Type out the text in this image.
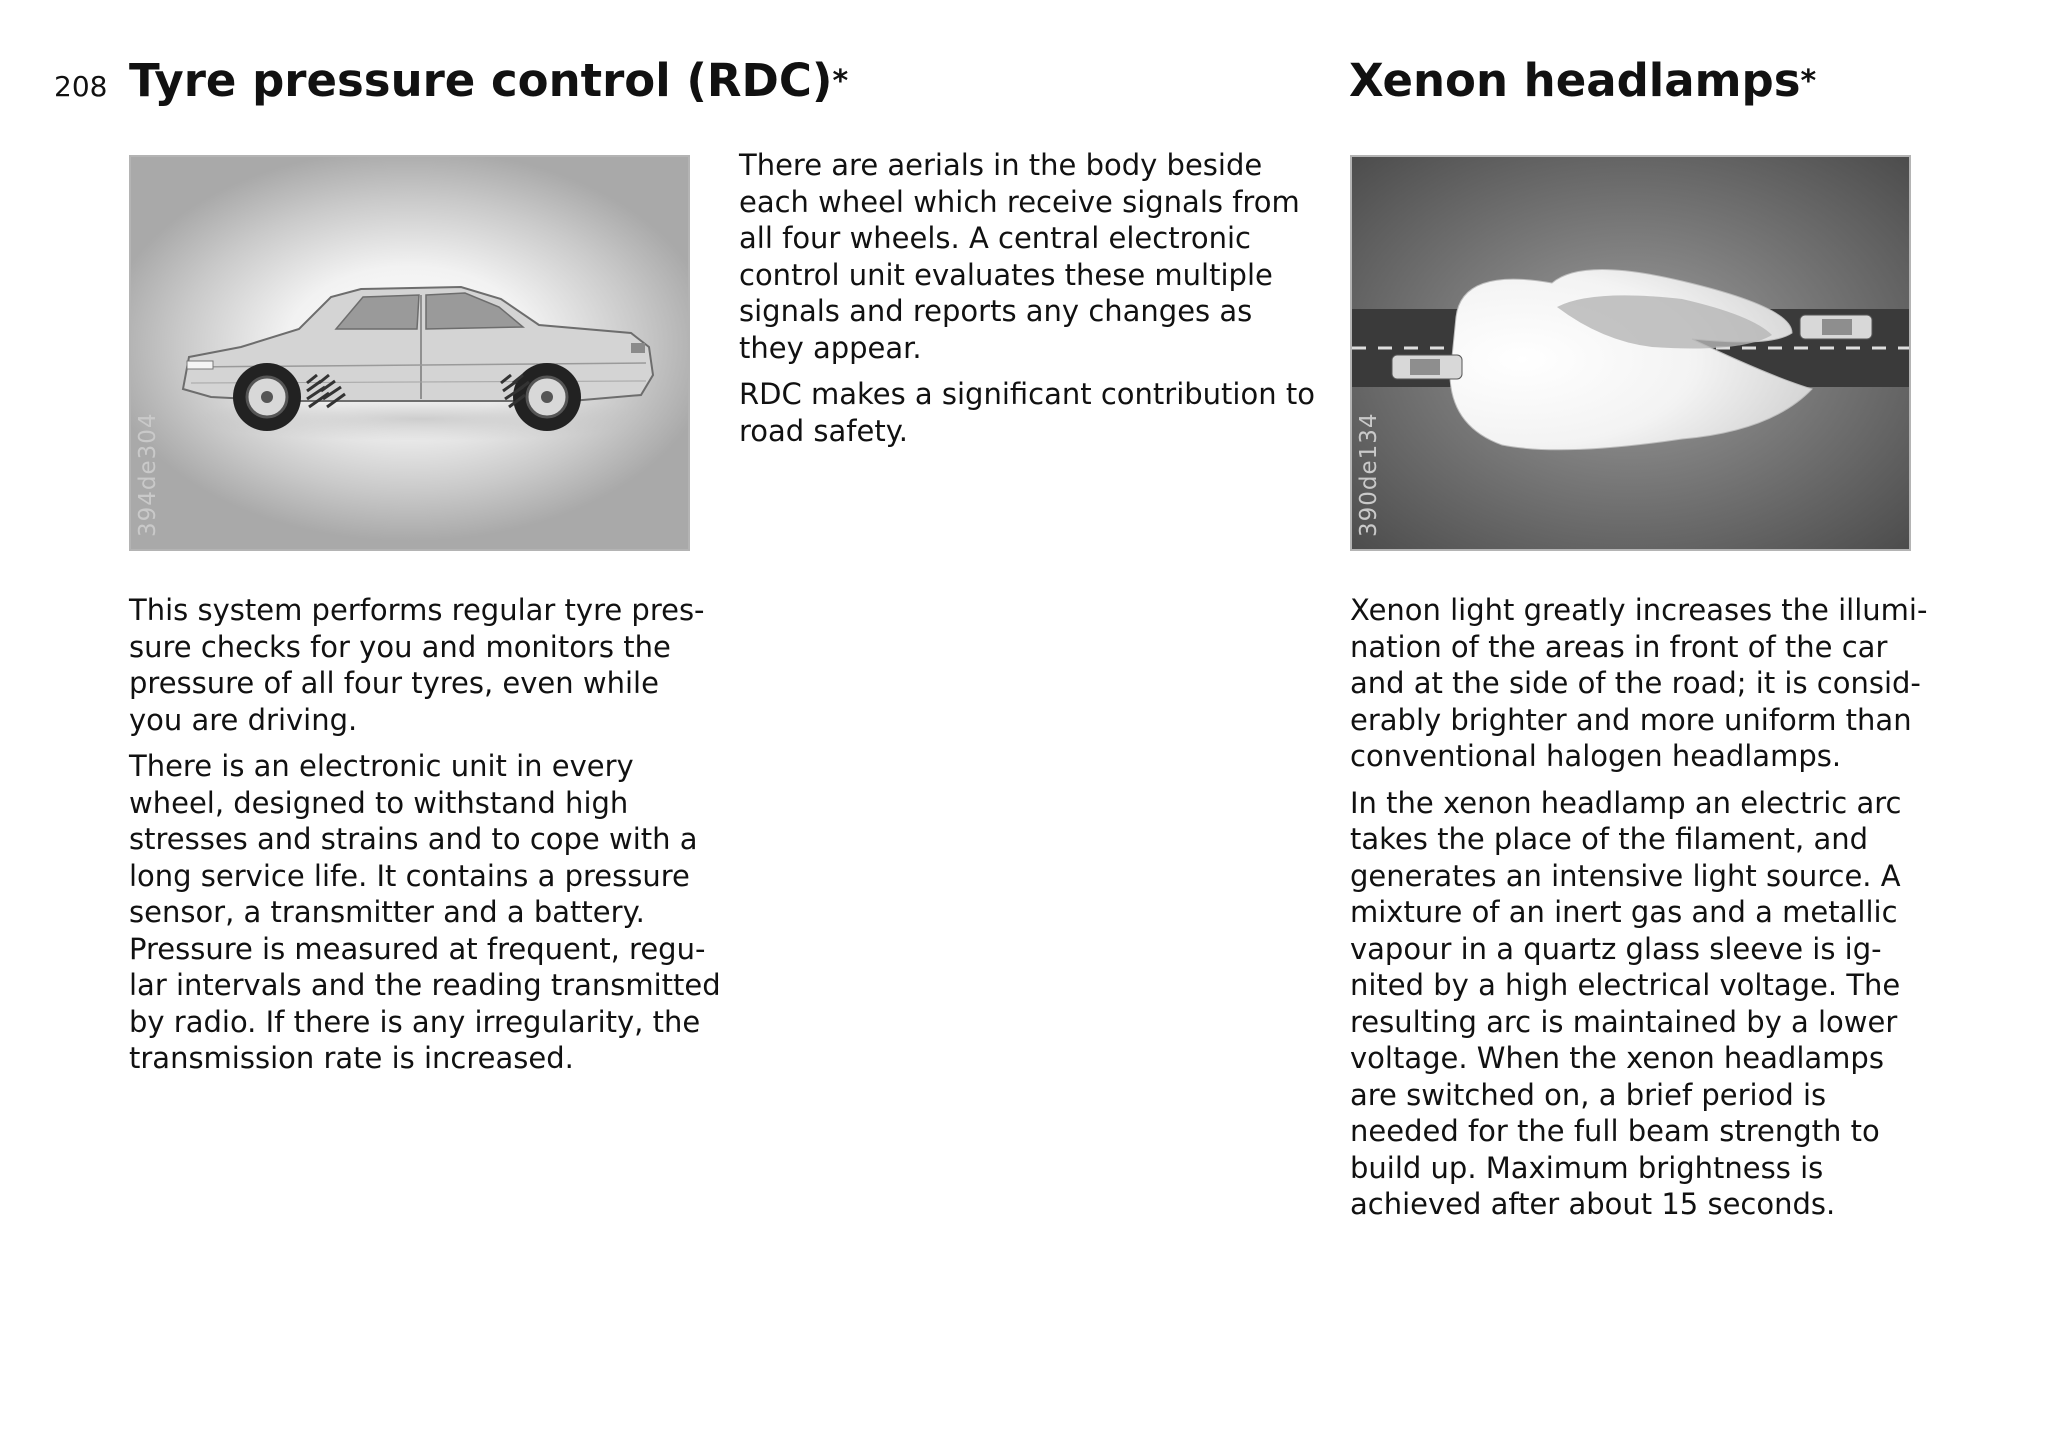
208 Tyre pressure control (RDC)*	Xenon headlamps*
394de304	390de134

This system performs regular tyre pres-
sure checks for you and monitors the
pressure of all four tyres, even while
you are driving.

There is an electronic unit in every
wheel, designed to withstand high
stresses and strains and to cope with a
long service life. It contains a pressure
sensor, a transmitter and a battery.
Pressure is measured at frequent, regu-
lar intervals and the reading transmitted
by radio. If there is any irregularity, the
transmission rate is increased.

There are aerials in the body beside
each wheel which receive signals from
all four wheels. A central electronic
control unit evaluates these multiple
signals and reports any changes as
they appear.

RDC makes a significant contribution to
road safety.

Xenon light greatly increases the illumi-
nation of the areas in front of the car
and at the side of the road; it is consid-
erably brighter and more uniform than
conventional halogen headlamps.

In the xenon headlamp an electric arc
takes the place of the filament, and
generates an intensive light source. A
mixture of an inert gas and a metallic
vapour in a quartz glass sleeve is ig-
nited by a high electrical voltage. The
resulting arc is maintained by a lower
voltage. When the xenon headlamps
are switched on, a brief period is
needed for the full beam strength to
build up. Maximum brightness is
achieved after about 15 seconds.
